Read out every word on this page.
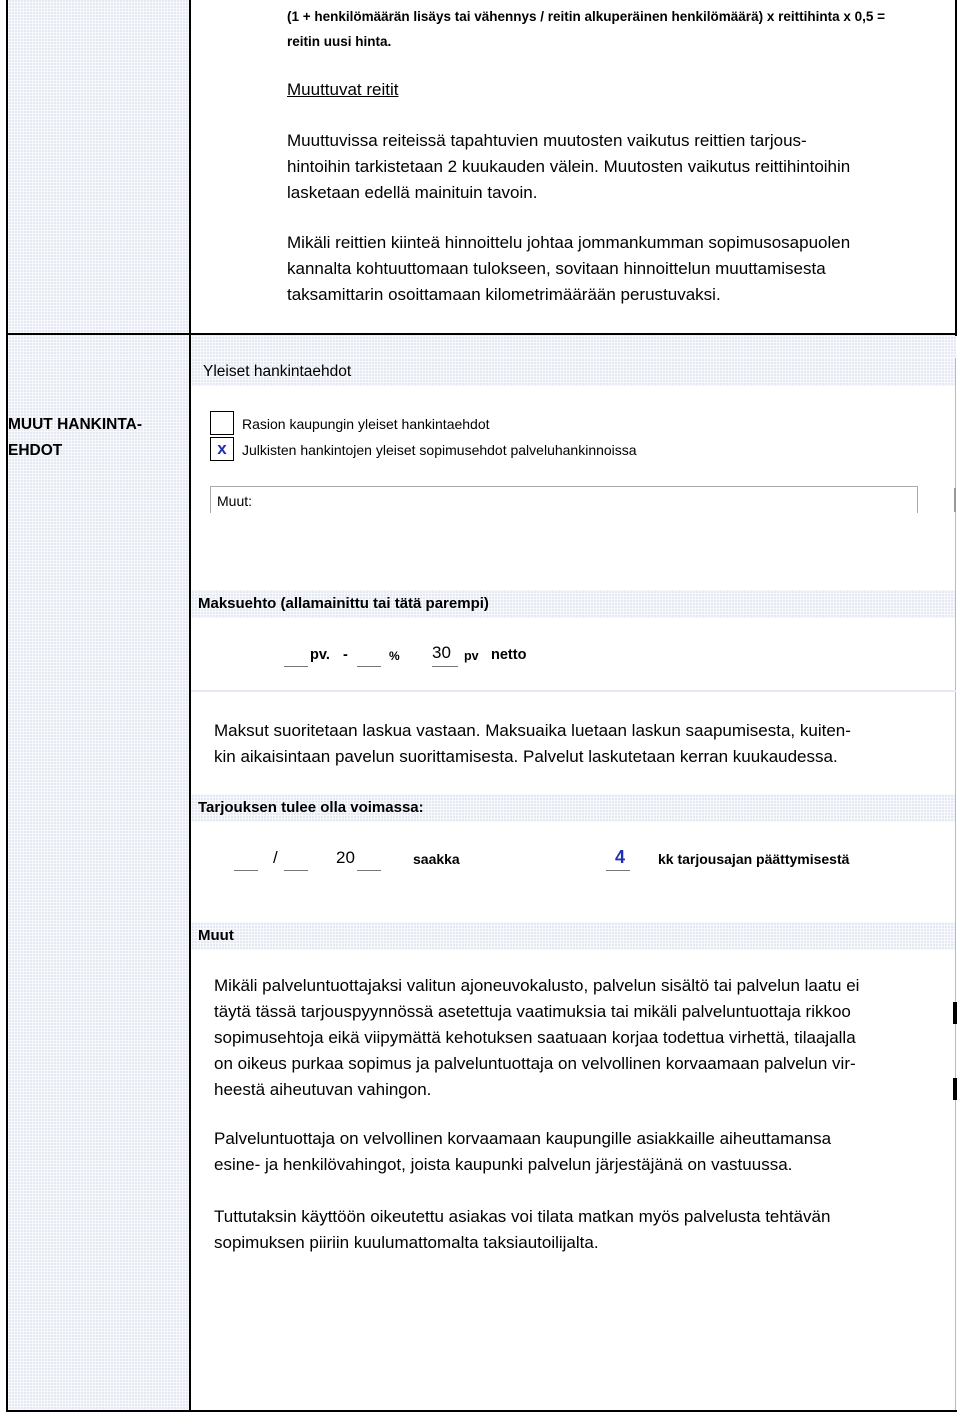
(1 + henkilömäärän lisäys tai vähennys / reitin alkuperäinen henkilömäärä) x reittihinta x 0,5 =
reitin uusi hinta.
Muuttuvat reitit
Muuttuvissa reiteissä tapahtuvien muutosten vaikutus reittien tarjous-
hintoihin tarkistetaan 2 kuukauden välein. Muutosten vaikutus reittihintoihin
lasketaan edellä mainituin tavoin.
Mikäli reittien kiinteä hinnoittelu johtaa jommankumman sopimusosapuolen
kannalta kohtuuttomaan tulokseen, sovitaan hinnoittelun muuttamisesta
taksamittarin osoittamaan kilometrimäärään perustuvaksi.
Yleiset hankintaehdot
MUUT HANKINTA-
EHDOT
Rasion kaupungin yleiset hankintaehdot
x	Julkisten hankintojen yleiset sopimusehdot palveluhankinnoissa
Muut:
Maksuehto (allamainittu tai tätä parempi)
pv. -	% 30 pv netto
Maksut suoritetaan laskua vastaan. Maksuaika luetaan laskun saapumisesta, kuiten-
kin aikaisintaan pavelun suorittamisesta. Palvelut laskutetaan kerran kuukaudessa.
Tarjouksen tulee olla voimassa:
/	20	saakka	4 kk tarjousajan päättymisestä
Muut
Mikäli palveluntuottajaksi valitun ajoneuvokalusto, palvelun sisältö tai palvelun laatu ei
täytä tässä tarjouspyynnössä asetettuja vaatimuksia tai mikäli palveluntuottaja rikkoo
sopimusehtoja eikä viipymättä kehotuksen saatuaan korjaa todettua virhettä, tilaajalla
on oikeus purkaa sopimus ja palveluntuottaja on velvollinen korvaamaan palvelun vir-
heestä aiheutuvan vahingon.
Palveluntuottaja on velvollinen korvaamaan kaupungille asiakkaille aiheuttamansa
esine- ja henkilövahingot, joista kaupunki palvelun järjestäjänä on vastuussa.
Tuttutaksin käyttöön oikeutettu asiakas voi tilata matkan myös palvelusta tehtävän
sopimuksen piiriin kuulumattomalta taksiautoilijalta.
